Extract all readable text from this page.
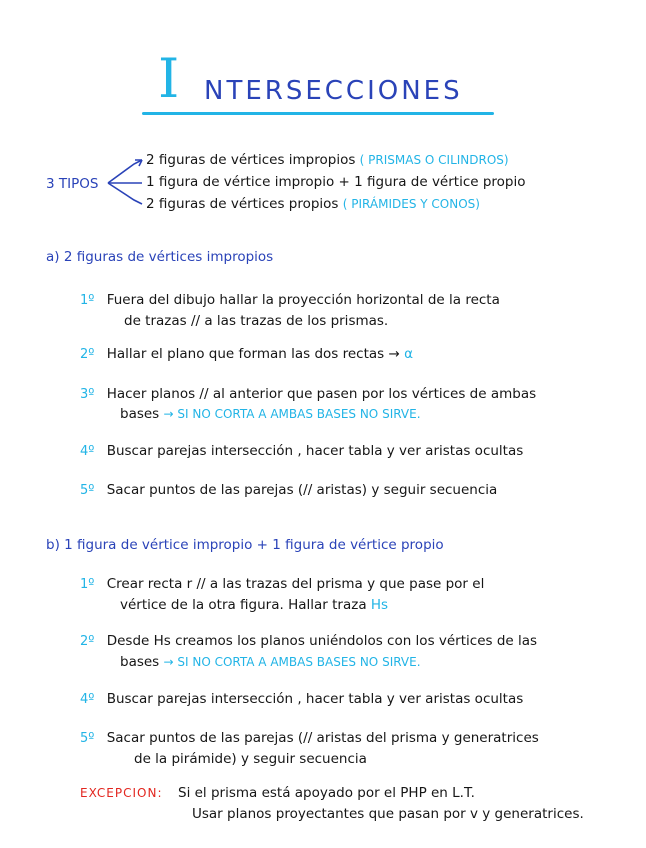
I NTERSECCIONES
3 TIPOS
2 figuras de vértices impropios ( PRISMAS O CILINDROS)
1 figura de vértice impropio + 1 figura de vértice propio
2 figuras de vértices propios ( PIRÁMIDES Y CONOS)
a) 2 figuras de vértices impropios
1º Fuera del dibujo hallar la proyección horizontal de la recta
de trazas // a las trazas de los prismas.
2º Hallar el plano que forman las dos rectas → α
3º Hacer planos // al anterior que pasen por los vértices de ambas
bases → SI NO CORTA A AMBAS BASES NO SIRVE.
4º Buscar parejas intersección , hacer tabla y ver aristas ocultas
5º Sacar puntos de las parejas (// aristas) y seguir secuencia
b) 1 figura de vértice impropio + 1 figura de vértice propio
1º Crear recta r // a las trazas del prisma y que pase por el
vértice de la otra figura. Hallar traza Hs
2º Desde Hs creamos los planos uniéndolos con los vértices de las
bases → SI NO CORTA A AMBAS BASES NO SIRVE.
4º Buscar parejas intersección , hacer tabla y ver aristas ocultas
5º Sacar puntos de las parejas (// aristas del prisma y generatrices
de la pirámide) y seguir secuencia
EXCEPCION: Si el prisma está apoyado por el PHP en L.T.
Usar planos proyectantes que pasan por v y generatrices.
